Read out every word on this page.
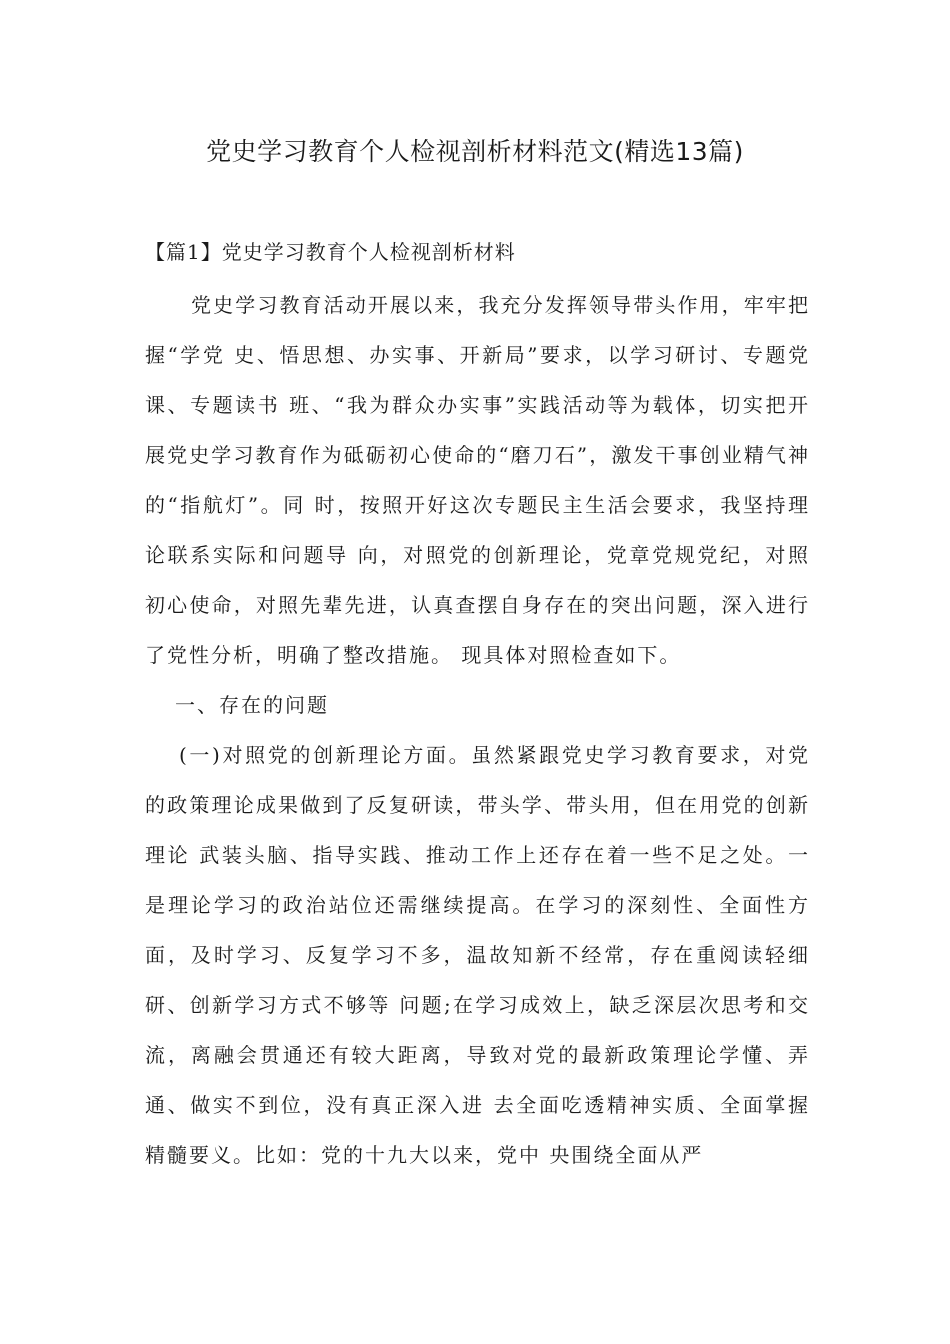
党史学习教育个人检视剖析材料范文(精选13篇)
【篇1】党史学习教育个人检视剖析材料

党史学习教育活动开展以来，我充分发挥领导带头作用，牢牢把握“学党 史、悟思想、办实事、开新局”要求，以学习研讨、专题党课、专题读书 班、“我为群众办实事”实践活动等为载体，切实把开展党史学习教育作为砥砺初心使命的“磨刀石”，激发干事创业精气神的“指航灯”。同 时，按照开好这次专题民主生活会要求，我坚持理论联系实际和问题导 向，对照党的创新理论，党章党规党纪，对照初心使命，对照先辈先进，认真查摆自身存在的突出问题，深入进行了党性分析，明确了整改措施。 现具体对照检查如下。

一、存在的问题

(一)对照党的创新理论方面。虽然紧跟党史学习教育要求，对党 的政策理论成果做到了反复研读，带头学、带头用，但在用党的创新理论 武装头脑、指导实践、推动工作上还存在着一些不足之处。一是理论学习的政治站位还需继续提高。在学习的深刻性、全面性方面，及时学习、反复学习不多，温故知新不经常，存在重阅读轻细研、创新学习方式不够等 问题;在学习成效上，缺乏深层次思考和交流，离融会贯通还有较大距离，导致对党的最新政策理论学懂、弄通、做实不到位，没有真正深入进 去全面吃透精神实质、全面掌握精髓要义。比如：党的十九大以来，党中 央围绕全面从严
